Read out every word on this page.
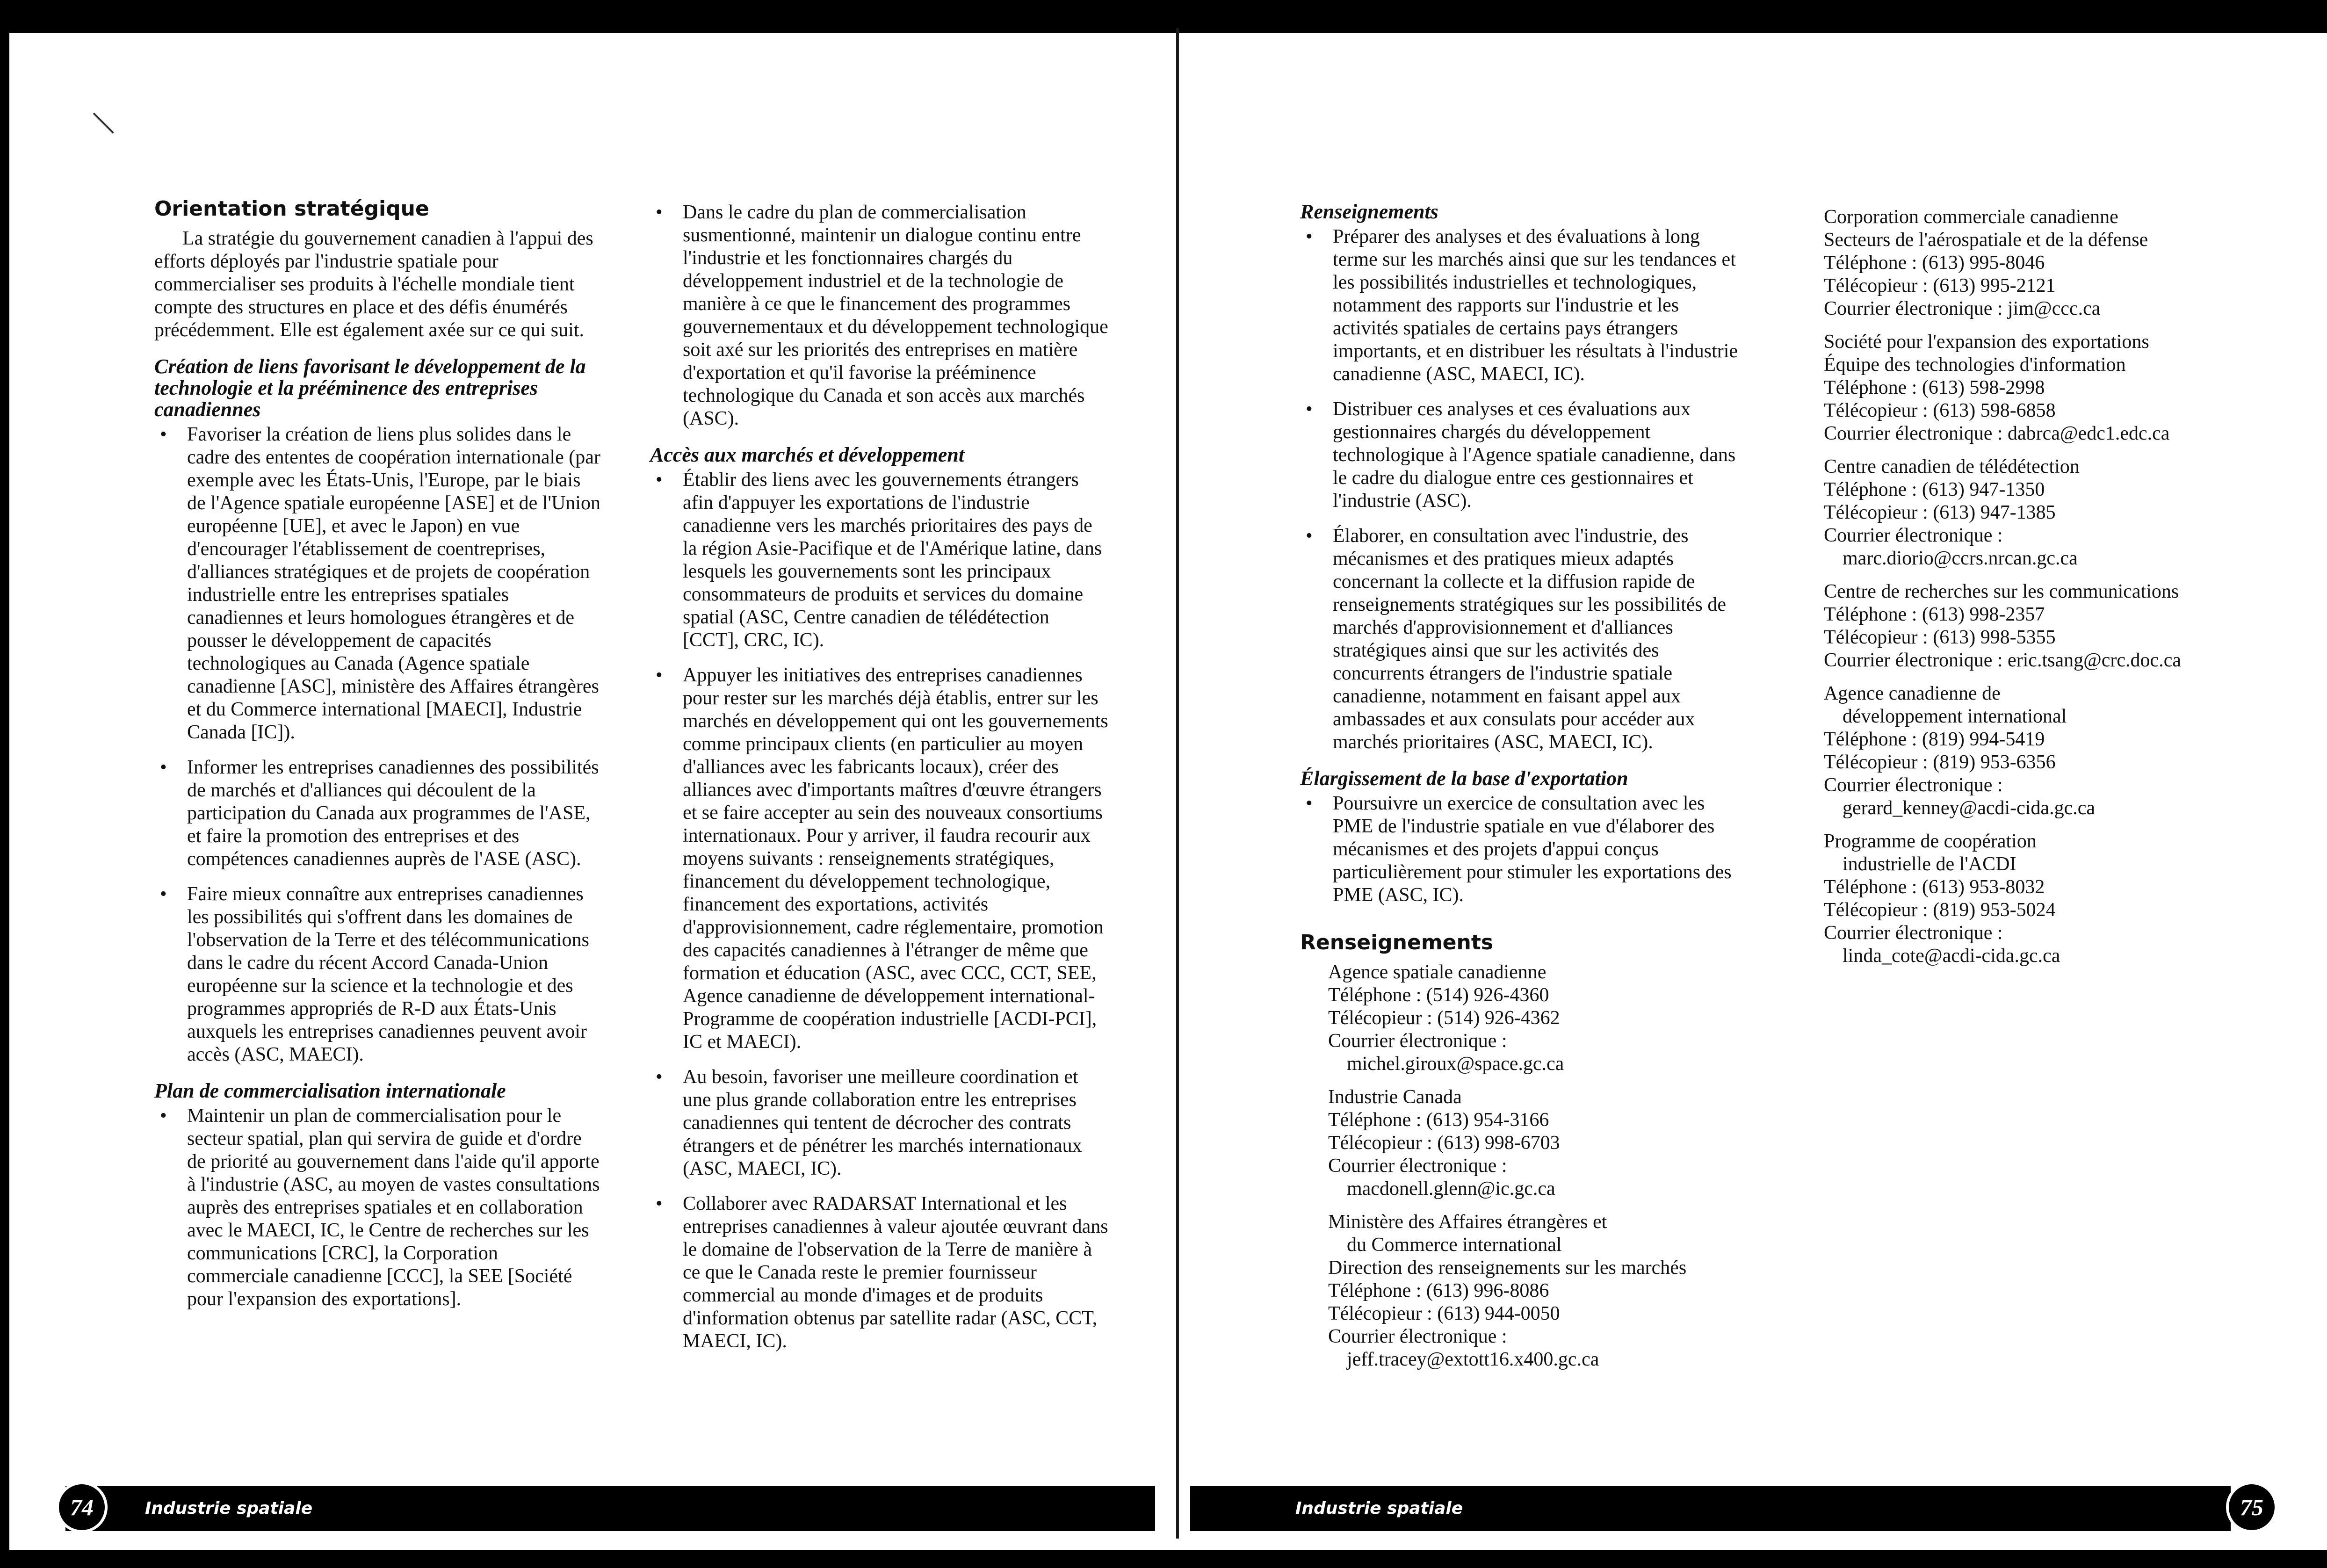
Orientation stratégique

La stratégie du gouvernement canadien à l'appui des efforts déployés par l'industrie spatiale pour commercialiser ses produits à l'échelle mondiale tient compte des structures en place et des défis énumérés précédemment. Elle est également axée sur ce qui suit.

Création de liens favorisant le développement de la technologie et la prééminence des entreprises canadiennes
• Favoriser la création de liens plus solides dans le cadre des ententes de coopération internationale (par exemple avec les États-Unis, l'Europe, par le biais de l'Agence spatiale européenne [ASE] et de l'Union européenne [UE], et avec le Japon) en vue d'encourager l'établissement de coentreprises, d'alliances stratégiques et de projets de coopération industrielle entre les entreprises spatiales canadiennes et leurs homologues étrangères et de pousser le développement de capacités technologiques au Canada (Agence spatiale canadienne [ASC], ministère des Affaires étrangères et du Commerce international [MAECI], Industrie Canada [IC]).
• Informer les entreprises canadiennes des possibilités de marchés et d'alliances qui découlent de la participation du Canada aux programmes de l'ASE, et faire la promotion des entreprises et des compétences canadiennes auprès de l'ASE (ASC).
• Faire mieux connaître aux entreprises canadiennes les possibilités qui s'offrent dans les domaines de l'observation de la Terre et des télécommunications dans le cadre du récent Accord Canada-Union européenne sur la science et la technologie et des programmes appropriés de R-D aux États-Unis auxquels les entreprises canadiennes peuvent avoir accès (ASC, MAECI).
Plan de commercialisation internationale
• Maintenir un plan de commercialisation pour le secteur spatial, plan qui servira de guide et d'ordre de priorité au gouvernement dans l'aide qu'il apporte à l'industrie (ASC, au moyen de vastes consultations auprès des entreprises spatiales et en collaboration avec le MAECI, IC, le Centre de recherches sur les communications [CRC], la Corporation commerciale canadienne [CCC], la SEE [Société pour l'expansion des exportations].
• Dans le cadre du plan de commercialisation susmentionné, maintenir un dialogue continu entre l'industrie et les fonctionnaires chargés du développement industriel et de la technologie de manière à ce que le financement des programmes gouvernementaux et du développement technologique soit axé sur les priorités des entreprises en matière d'exportation et qu'il favorise la prééminence technologique du Canada et son accès aux marchés (ASC).
Accès aux marchés et développement
• Établir des liens avec les gouvernements étrangers afin d'appuyer les exportations de l'industrie canadienne vers les marchés prioritaires des pays de la région Asie-Pacifique et de l'Amérique latine, dans lesquels les gouvernements sont les principaux consommateurs de produits et services du domaine spatial (ASC, Centre canadien de télédétection [CCT], CRC, IC).
• Appuyer les initiatives des entreprises canadiennes pour rester sur les marchés déjà établis, entrer sur les marchés en développement qui ont les gouvernements comme principaux clients (en particulier au moyen d'alliances avec les fabricants locaux), créer des alliances avec d'importants maîtres d'œuvre étrangers et se faire accepter au sein des nouveaux consortiums internationaux. Pour y arriver, il faudra recourir aux moyens suivants : renseignements stratégiques, financement du développement technologique, financement des exportations, activités d'approvisionnement, cadre réglementaire, promotion des capacités canadiennes à l'étranger de même que formation et éducation (ASC, avec CCC, CCT, SEE, Agence canadienne de développement international-Programme de coopération industrielle [ACDI-PCI], IC et MAECI).
• Au besoin, favoriser une meilleure coordination et une plus grande collaboration entre les entreprises canadiennes qui tentent de décrocher des contrats étrangers et de pénétrer les marchés internationaux (ASC, MAECI, IC).
• Collaborer avec RADARSAT International et les entreprises canadiennes à valeur ajoutée œuvrant dans le domaine de l'observation de la Terre de manière à ce que le Canada reste le premier fournisseur commercial au monde d'images et de produits d'information obtenus par satellite radar (ASC, CCT, MAECI, IC).
Renseignements
• Préparer des analyses et des évaluations à long terme sur les marchés ainsi que sur les tendances et les possibilités industrielles et technologiques, notamment des rapports sur l'industrie et les activités spatiales de certains pays étrangers importants, et en distribuer les résultats à l'industrie canadienne (ASC, MAECI, IC).
• Distribuer ces analyses et ces évaluations aux gestionnaires chargés du développement technologique à l'Agence spatiale canadienne, dans le cadre du dialogue entre ces gestionnaires et l'industrie (ASC).
• Élaborer, en consultation avec l'industrie, des mécanismes et des pratiques mieux adaptés concernant la collecte et la diffusion rapide de renseignements stratégiques sur les possibilités de marchés d'approvisionnement et d'alliances stratégiques ainsi que sur les activités des concurrents étrangers de l'industrie spatiale canadienne, notamment en faisant appel aux ambassades et aux consulats pour accéder aux marchés prioritaires (ASC, MAECI, IC).
Élargissement de la base d'exportation
• Poursuivre un exercice de consultation avec les PME de l'industrie spatiale en vue d'élaborer des mécanismes et des projets d'appui conçus particulièrement pour stimuler les exportations des PME (ASC, IC).
Renseignements
Agence spatiale canadienne
Téléphone : (514) 926-4360
Télécopieur : (514) 926-4362
Courrier électronique :
michel.giroux@space.gc.ca
Industrie Canada
Téléphone : (613) 954-3166
Télécopieur : (613) 998-6703
Courrier électronique :
macdonell.glenn@ic.gc.ca
Ministère des Affaires étrangères et
du Commerce international
Direction des renseignements sur les marchés
Téléphone : (613) 996-8086
Télécopieur : (613) 944-0050
Courrier électronique :
jeff.tracey@extott16.x400.gc.ca
Corporation commerciale canadienne
Secteurs de l'aérospatiale et de la défense
Téléphone : (613) 995-8046
Télécopieur : (613) 995-2121
Courrier électronique : jim@ccc.ca
Société pour l'expansion des exportations
Équipe des technologies d'information
Téléphone : (613) 598-2998
Télécopieur : (613) 598-6858
Courrier électronique : dabrca@edc1.edc.ca
Centre canadien de télédétection
Téléphone : (613) 947-1350
Télécopieur : (613) 947-1385
Courrier électronique :
marc.diorio@ccrs.nrcan.gc.ca
Centre de recherches sur les communications
Téléphone : (613) 998-2357
Télécopieur : (613) 998-5355
Courrier électronique : eric.tsang@crc.doc.ca
Agence canadienne de
développement international
Téléphone : (819) 994-5419
Télécopieur : (819) 953-6356
Courrier électronique :
gerard_kenney@acdi-cida.gc.ca
Programme de coopération
industrielle de l'ACDI
Téléphone : (613) 953-8032
Télécopieur : (819) 953-5024
Courrier électronique :
linda_cote@acdi-cida.gc.ca
Industrie spatiale
74	Industrie spatiale	75
